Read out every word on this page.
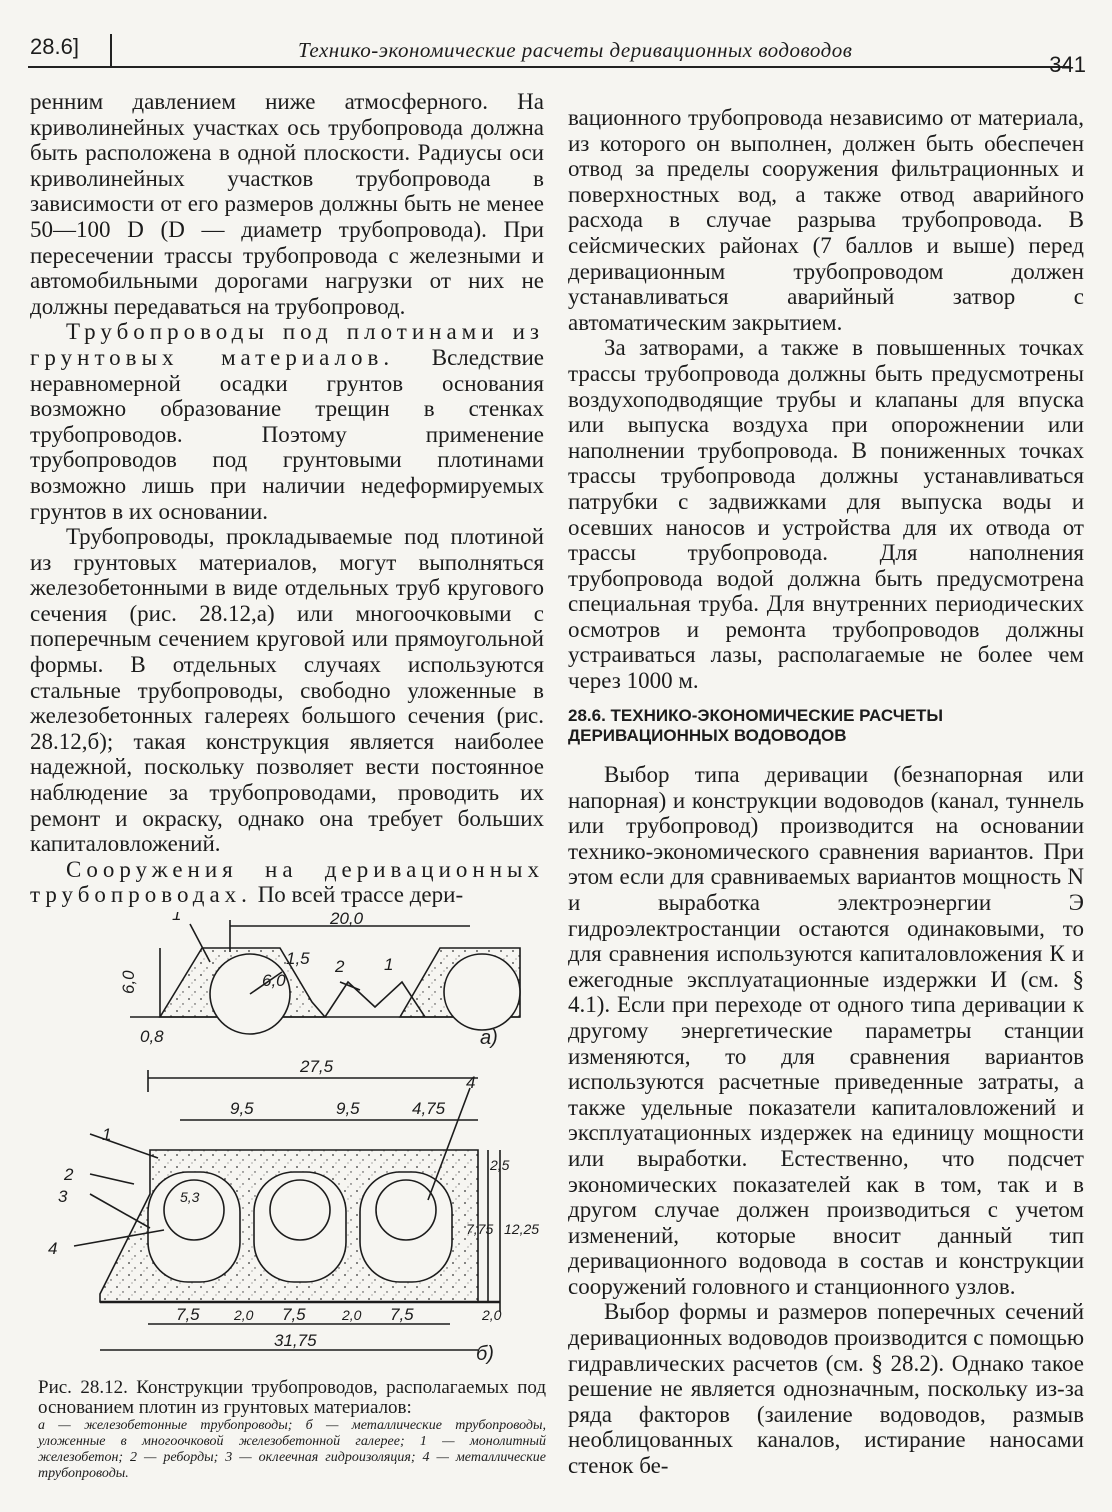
28.6]	Технико-экономические расчеты деривационных водоводов
341

ренним давлением ниже атмосферного. На криволинейных участках ось трубопровода должна быть расположена в одной плоскости. Радиусы оси криволинейных участков трубопровода в зависимости от его размеров должны быть не менее 50—100 D (D — диаметр трубопровода). При пересечении трассы трубопровода с железными и автомобильными дорогами нагрузки от них не должны передаваться на трубопровод.

Трубопроводы под плотинами из грунтовых материалов. Вследствие неравномерной осадки грунтов основания возможно образование трещин в стенках трубопроводов. Поэтому применение трубопроводов под грунтовыми плотинами возможно лишь при наличии недеформируемых грунтов в их основании.

Трубопроводы, прокладываемые под плотиной из грунтовых материалов, могут выполняться железобетонными в виде отдельных труб кругового сечения (рис. 28.12,а) или многоочковыми с поперечным сечением круговой или прямоугольной формы. В отдельных случаях используются стальные трубопроводы, свободно уложенные в железобетонных галереях большого сечения (рис. 28.12,б); такая конструкция является наиболее надежной, поскольку позволяет вести постоянное наблюдение за трубопроводами, проводить их ремонт и окраску, однако она требует больших капиталовложений.

Сооружения на деривационных трубопроводах. По всей трассе дери-

20,0
6,0	6,0
1,5
0,8
1
2 1
а)
27,5
9,5	9,5	4,75
2,5
7,75 12,25
2,0
5,3
7,5 2,0 7,5	2,0 7,5
31,75
1
2
3
4
4
б)
Рис. 28.12. Конструкции трубопроводов, располагаемых под основанием плотин из грунтовых материалов:
а — железобетонные трубопроводы; б — металлические трубопроводы, уложенные в многоочковой железобетонной галерее; 1 — монолитный железобетон; 2 — реборды; 3 — оклеечная гидроизоляция; 4 — металлические трубопроводы.

вационного трубопровода независимо от материала, из которого он выполнен, должен быть обеспечен отвод за пределы сооружения фильтрационных и поверхностных вод, а также отвод аварийного расхода в случае разрыва трубопровода. В сейсмических районах (7 баллов и выше) перед деривационным трубопроводом должен устанавливаться аварийный затвор с автоматическим закрытием.

За затворами, а также в повышенных точках трассы трубопровода должны быть предусмотрены воздухоподводящие трубы и клапаны для впуска или выпуска воздуха при опорожнении или наполнении трубопровода. В пониженных точках трассы трубопровода должны устанавливаться патрубки с задвижками для выпуска воды и осевших наносов и устройства для их отвода от трассы трубопровода. Для наполнения трубопровода водой должна быть предусмотрена специальная труба. Для внутренних периодических осмотров и ремонта трубопроводов должны устраиваться лазы, располагаемые не более чем через 1000 м.

28.6. ТЕХНИКО-ЭКОНОМИЧЕСКИЕ РАСЧЕТЫ ДЕРИВАЦИОННЫХ ВОДОВОДОВ

Выбор типа деривации (безнапорная или напорная) и конструкции водоводов (канал, туннель или трубопровод) производится на основании технико-экономического сравнения вариантов. При этом если для сравниваемых вариантов мощность N и выработка электроэнергии Э гидроэлектростанции остаются одинаковыми, то для сравнения используются капиталовложения К и ежегодные эксплуатационные издержки И (см. § 4.1). Если при переходе от одного типа деривации к другому энергетические параметры станции изменяются, то для сравнения вариантов используются расчетные приведенные затраты, а также удельные показатели капиталовложений и эксплуатационных издержек на единицу мощности или выработки. Естественно, что подсчет экономических показателей как в том, так и в другом случае должен производиться с учетом изменений, которые вносит данный тип деривационного водовода в состав и конструкции сооружений головного и станционного узлов.

Выбор формы и размеров поперечных сечений деривационных водоводов производится с помощью гидравлических расчетов (см. § 28.2). Однако такое решение не является однозначным, поскольку из-за ряда факторов (заиление водоводов, размыв необлицованных каналов, истирание наносами стенок бе-
